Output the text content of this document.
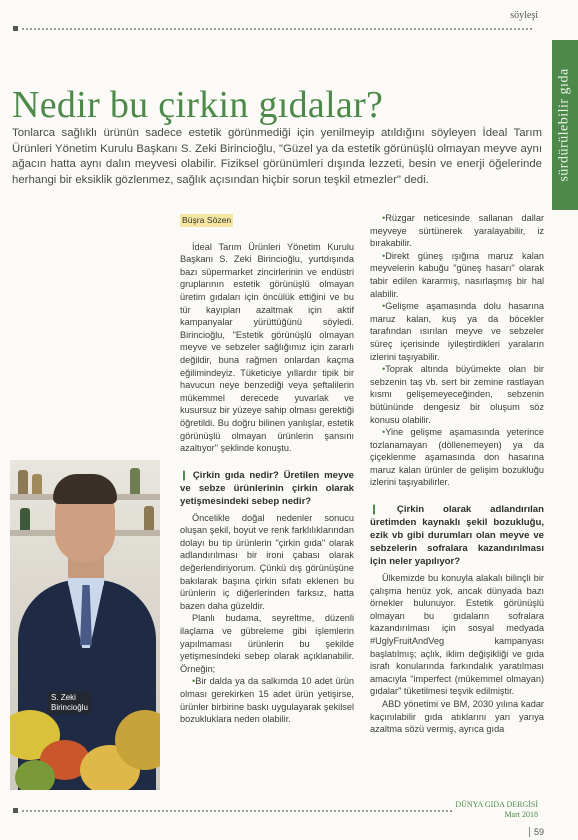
söyleşi
sürdürülebilir gıda
Nedir bu çirkin gıdalar?

Tonlarca sağlıklı ürünün sadece estetik görünmediği için yenilmeyip atıldığını söyleyen İdeal Tarım Ürünleri Yönetim Kurulu Başkanı S. Zeki Birincioğlu, "Güzel ya da estetik görünüşlü olmayan meyve aynı ağacın hatta aynı dalın meyvesi olabilir. Fiziksel görünümleri dışında lezzeti, besin ve enerji öğelerinde herhangi bir eksiklik gözlenmez, sağlık açısından hiçbir sorun teşkil etmezler" dedi.

Büşra Sözen

İdeal Tarım Ürünleri Yönetim Kurulu Başkanı S. Zeki Birincioğlu, yurtdışında bazı süpermarket zincirlerinin ve endüstri gruplarının estetik görünüşlü olmayan üretim gıdaları için öncülük ettiğini ve bu tür kayıpları azaltmak için aktif kampanyalar yürüttüğünü söyledi. Birincioğlu, "Estetik görünüşlü olmayan meyve ve sebzeler sağlığımız için zararlı değildir, buna rağmen onlardan kaçma eğilimindeyiz. Tüketiciye yıllardır tipik bir havucun neye benzediği veya şeftalilerin mükemmel derecede yuvarlak ve kusursuz bir yüzeye sahip olması gerektiği öğretildi. Bu doğru bilinen yanlışlar, estetik görünüşlü olmayan ürünlerin şansını azaltıyor" şeklinde konuştu.

❙ Çirkin gıda nedir? Üretilen meyve ve sebze ürünlerinin çirkin olarak yetişmesindeki sebep nedir?

Öncelikle doğal nedenler sonucu oluşan şekil, boyut ve renk farklılıklarından dolayı bu tip ürünlerin "çirkin gıda" olarak adlandırılması bir ironi çabası olarak değerlendiriyorum. Çünkü dış görünüşüne bakılarak başına çirkin sıfatı eklenen bu ürünlerin iç diğerlerinden farksız, hatta bazen daha güzeldir.

Planlı budama, seyreltme, düzenli ilaçlama ve gübreleme gibi işlemlerin yapılmaması ürünlerin bu şekilde yetişmesindeki sebep olarak açıklanabilir. Örneğin;

•Bir dalda ya da salkımda 10 adet ürün olması gerekirken 15 adet ürün yetişirse, ürünler birbirine baskı uygulayarak şekilsel bozukluklara neden olabilir.

•Rüzgar neticesinde sallanan dallar meyveye sürtünerek yaralayabilir, iz bırakabilir.

•Direkt güneş ışığına maruz kalan meyvelerin kabuğu "güneş hasarı" olarak tabir edilen kararmış, nasırlaşmış bir hal alabilir.

•Gelişme aşamasında dolu hasarına maruz kalan, kuş ya da böcekler tarafından ısırılan meyve ve sebzeler süreç içerisinde iyileştirdikleri yaraların izlerini taşıyabilir.

•Toprak altında büyümekte olan bir sebzenin taş vb. sert bir zemine rastlayan kısmı gelişemeyeceğinden, sebzenin bütününde dengesiz bir oluşum söz konusu olabilir.

•Yine gelişme aşamasında yeterince tozlanamayan (döllenemeyen) ya da çiçeklenme aşamasında don hasarına maruz kalan ürünler de gelişim bozukluğu izlerini taşıyabilirler.

❙ Çirkin olarak adlandırılan üretimden kaynaklı şekil bozukluğu, ezik vb gibi durumları olan meyve ve sebzelerin sofralara kazandırılması için neler yapılıyor?

Ülkemizde bu konuyla alakalı bilinçli bir çalışma henüz yok, ancak dünyada bazı örnekler bulunuyor. Estetik görünüşlü olmayan bu gıdaların sofralara kazandırılması için sosyal medyada #UglyFruitAndVeg kampanyası başlatılmış; açlık, iklim değişikliği ve gıda israfı konularında farkındalık yaratılması amacıyla "imperfect (mükemmel olmayan) gıdalar" tüketilmesi teşvik edilmiştir.

ABD yönetimi ve BM, 2030 yılına kadar kaçınılabilir gıda atıklarını yarı yarıya azaltma sözü vermiş, ayrıca gıda

S. Zeki
Birincioğlu
DÜNYA GIDA DERGİSİ
Mart 2018
59
